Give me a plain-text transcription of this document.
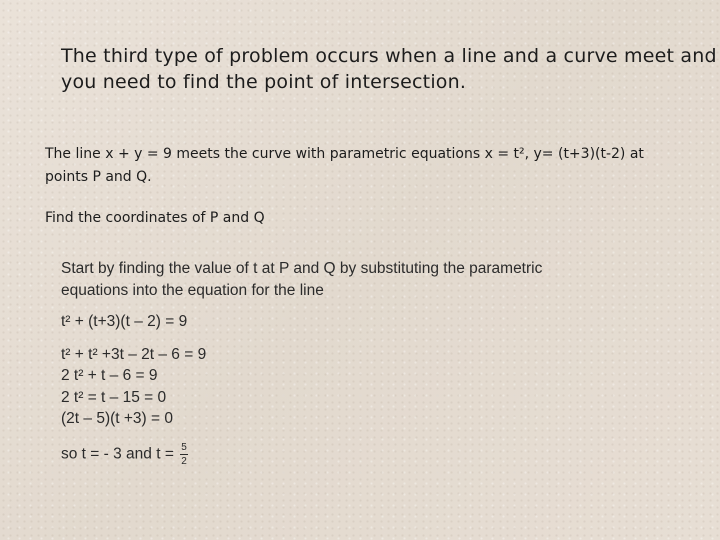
The third type of problem occurs when a line and a curve meet and
you need to find the point of intersection.
The line x + y = 9 meets the curve with parametric equations x = t², y= (t+3)(t-2) at
points P and Q.
Find the coordinates of P and Q
Start by finding the value of t at P and Q by substituting the parametric
equations into the equation for the line
t² + (t+3)(t – 2) = 9
t² + t² +3t – 2t – 6 = 9
2 t² + t – 6 = 9
2 t² = t – 15 = 0
(2t – 5)(t +3) = 0
so t = - 3 and $t = \frac{5}{2}$
